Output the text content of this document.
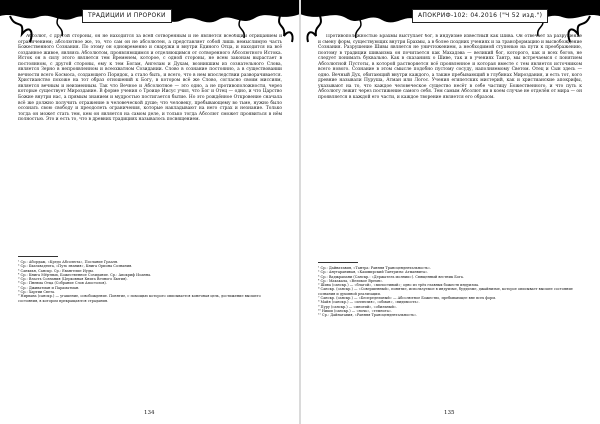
ТРАДИЦИИ И ПРОРОКИ

Абсолют, с другой стороны, он не находится за всей сотворённым и не является всеобщим отрицанием и ограничением; абсолютное же, то, что сам он не абсолютен, а представляет собой лишь немыслимую часть Божественного Сознания. По этому он одновременно и снаружи и внутри Единого Отца, и находится на всё созданное живое, являясь Абсолютом, проявляющимся и отделяющимся от сотворенного Абсолютного Истока. Исток он в силу этого является тем Временем, которое, с одной стороны, не всем законам вырастает в постоянном, с другой стороны, ему к тем Богам, Ангелам и Духам, возникшим из сознательного Слова, является Зерно в непроявленном и всеохватном Созидании. Слово в сознание постоянно, а в существовании вечности всего Космоса, создающего Порядок, а стало быть, и всего, что в нем впоследствии разворачивается. Христианство похоже на тот образ отношений к Богу, в котором всё же Слово, согласно своим миссиям, является вечным и неизменным. Так что Вечное и Абсолютное — это одно, а не противоположности, через которые существует Мироздание. В форме учения о Троице Иисус учил, что Бог и Отец — одно, и что Царство Божие внутри нас, а прямым знанием и мудростью постигается бытие. Но это рождённое Откровение сначала всё же должно получить отражение в человеческой душе; что человеку, пребывающему во тьме, нужно было осознать свою свободу и преодолеть ограничения, которые накладывают на него страх и незнание. Только тогда он может стать тем, кем он является на самом деле, и только тогда Абсолют сможет проявиться в нём полностью. Это и есть то, что в древних традициях называлось посвящением.

¹ Ср.: Абордаж, «Кредо Абсолюта», Послание Грааля.

² Ср.: Бхагавадгита, «Путь знания», Книга Ориона Сознания.

³ Санкхья, Санскр. Ср.: Евангелие Иуды.

⁴ Ср.: Книга Мёртвых, Божественное Созидание. Ср.: Апокриф Иоанна.

⁵ Ср.: Власть Сознания (Церковная Книга Вечного Бытия).

⁶ Ср.: Пневма Отца (Собрание Слов Апостолов).

⁷ Ср.: Дживатман и Параматман.

⁸ Ср.: Хартии Света.

⁹ Нирвана (санскр.) — угашение, освобождение. Понятие, с помощью которого описывается конечная цель, достижение высшего состояния, в котором прекращаются страдания.

134
АПОКРИФ-102: 04.2016 ("Ч 52 изд.")

Противоположностью Брахмы выступает бог, в индуизме известный как Шива. Он отвечает за разрушение и смену форм, существующих внутри Брахмы, а в более поздних учениях и за трансформацию и высвобождение Сознания. Разрушение Шивы является не уничтожением, а необходимой ступенью на пути к преображению, поэтому в традиции шиваизма он почитается как Махадэва — великий бог, которого, как и всех богов, не следует понимать буквально. Как в сказаниях о Шиве, так и в учениях Тантр, мы встречаемся с понятием Абсолютной Пустоты, в которой растворяется всё проявленное и которая вместе с тем является источником всего нового. Сознание в этом смысле подобно пустому сосуду, наполняемому Светом. Отец и Сын здесь — одно. Вечный Дух, обитающий внутри каждого, а также пребывающий в глубинах Мироздания, и есть тот, кого древние называли Пуруша, Атман или Логос. Учения египетских мистерий, как и христианские апокрифы, указывают на то, что каждое человеческое существо несёт в себе частицу Божественного, и что путь к Абсолюту лежит через постижение самого себя. Тем самым Абсолют ни в коем случае не отделён от мира — он проявляется в каждой его части, и каждое творение является его образом.

¹ Ср.: Дайнатавия, «Тантра: Ранняя Трансцендентальность».

² Ср.: Анутаранивая, «Кашмирский Тантризм: Атманвита».

³ Ср.: Ваджрапани (Санскр.: «Держатель молнии»). Священный вестник Бога.

⁴ Ср.: Махакала, «Великое Время».

⁵ Шива (санскр.) — «благой», «милостивый»; одно из трёх главных божеств индуизма.

⁶ Санскр. (санскр.) — «Совершенный», понятие, используемое в индуизме, буддизме, джайнизме, которое описывает высшее состояние сознания и духовной реализации.

⁷ Санскр. (санскр.) — «Беспредельный» — Абсолютное Божество, пребывающее вне всех форм.

⁸ Майя (санскр.) — «иллюзия», «обман», «видимость».

⁹ Пуру (санскр.) — «многий», «обильный».

¹⁰ Ниши (санскр.) — «ночь», «темнота».

¹¹ Ср.: Дайнатавия, «Ранняя Трансцендентальность».

135
